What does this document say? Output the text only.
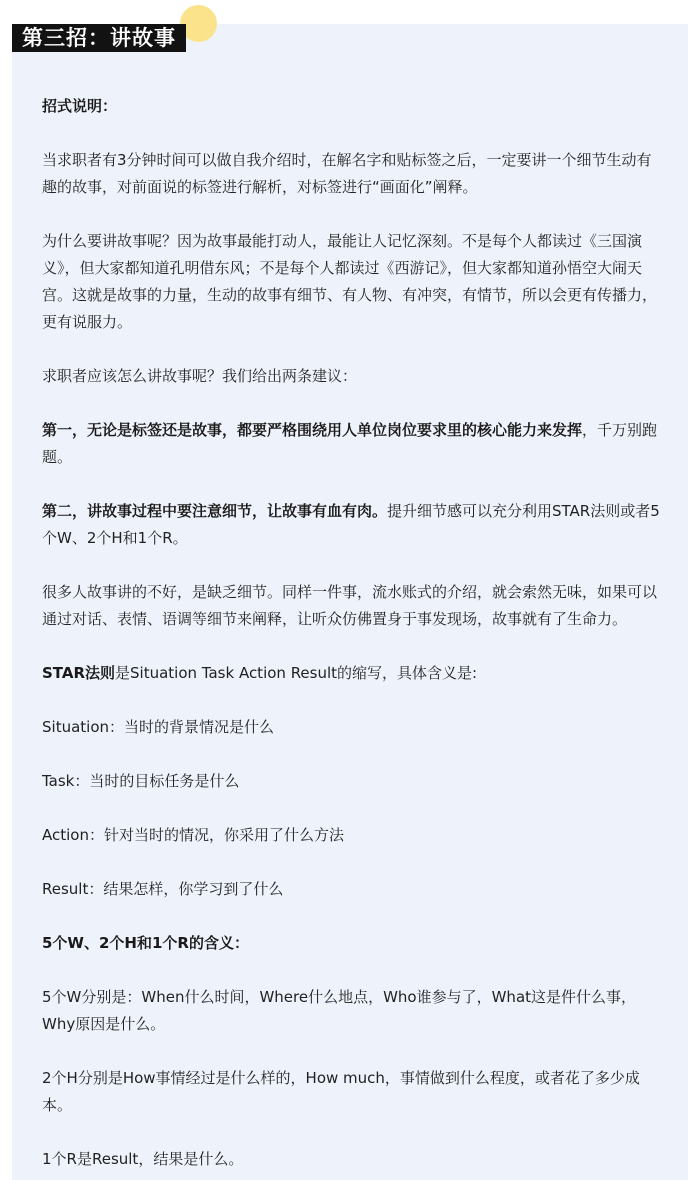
第三招：讲故事

招式说明：

当求职者有3分钟时间可以做自我介绍时，在解名字和贴标签之后，一定要讲一个细节生动有趣的故事，对前面说的标签进行解析，对标签进行“画面化”阐释。

为什么要讲故事呢？因为故事最能打动人，最能让人记忆深刻。不是每个人都读过《三国演义》，但大家都知道孔明借东风；不是每个人都读过《西游记》，但大家都知道孙悟空大闹天宫。这就是故事的力量，生动的故事有细节、有人物、有冲突，有情节，所以会更有传播力，更有说服力。

求职者应该怎么讲故事呢？我们给出两条建议：

第一，无论是标签还是故事，都要严格围绕用人单位岗位要求里的核心能力来发挥，千万别跑题。

第二，讲故事过程中要注意细节，让故事有血有肉。提升细节感可以充分利用STAR法则或者5个W、2个H和1个R。

很多人故事讲的不好，是缺乏细节。同样一件事，流水账式的介绍，就会索然无味，如果可以通过对话、表情、语调等细节来阐释，让听众仿佛置身于事发现场，故事就有了生命力。

STAR法则是Situation Task Action Result的缩写，具体含义是:

Situation：当时的背景情况是什么

Task：当时的目标任务是什么

Action：针对当时的情况，你采用了什么方法

Result：结果怎样，你学习到了什么

5个W、2个H和1个R的含义：

5个W分别是：When什么时间，Where什么地点，Who谁参与了，What这是件什么事，Why原因是什么。

2个H分别是How事情经过是什么样的，How much，事情做到什么程度，或者花了多少成本。

1个R是Result，结果是什么。
